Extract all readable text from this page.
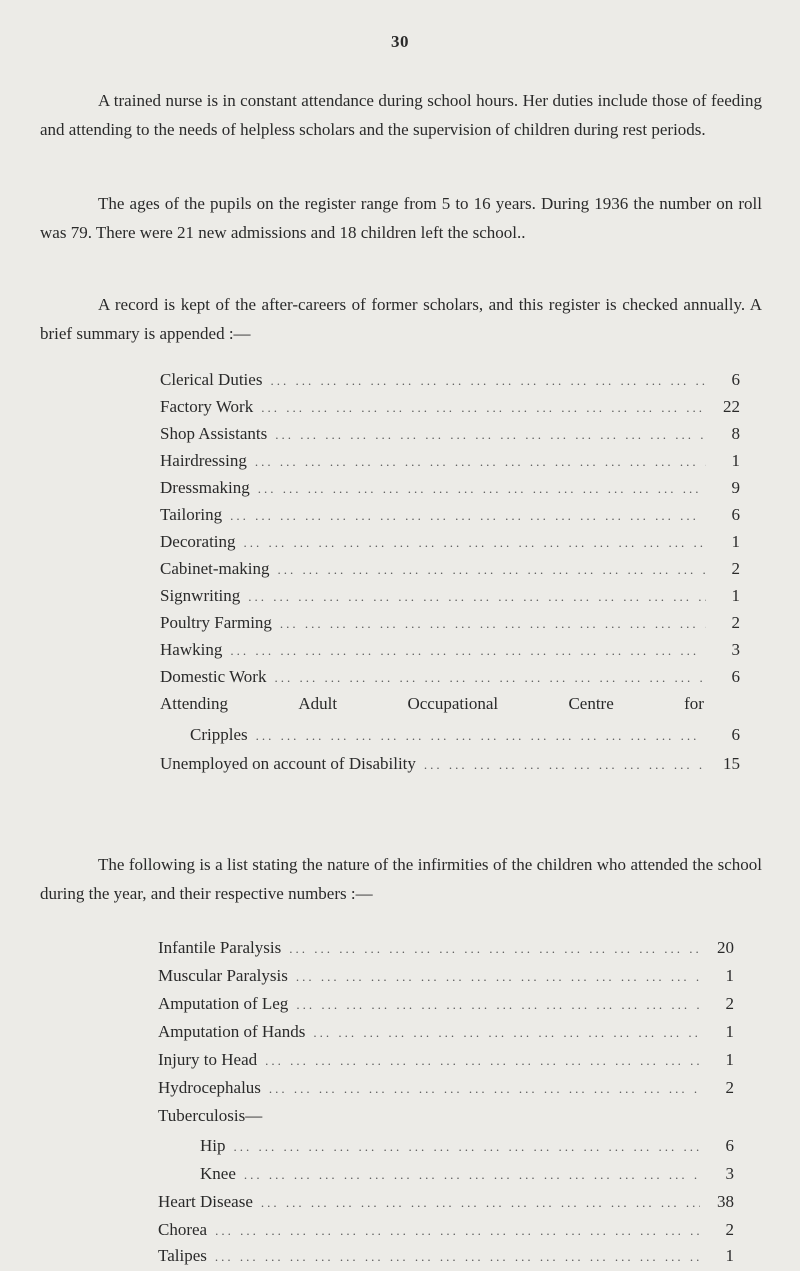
30

A trained nurse is in constant attendance during school hours. Her duties include those of feeding and attending to the needs of helpless scholars and the supervision of children during rest periods.

The ages of the pupils on the register range from 5 to 16 years. During 1936 the number on roll was 79. There were 21 new admissions and 18 children left the school..

A record is kept of the after-careers of former scholars, and this register is checked annually. A brief summary is appended :—

Clerical Duties ... .	6
Factory Work ... .	22
Shop Assistants ... .	8
Hairdressing ... .	1
Dressmaking ... .	9
Tailoring ... .	6
Decorating ... .	1
Cabinet-making ... .	2
Signwriting ... .	1
Poultry Farming ... .	2
Hawking ... .	3
Domestic Work ... .	6
Attending	Adult	Occupational	Centre	for
Cripples ... .	6
Unemployed on account of Disability ... .	15

The following is a list stating the nature of the infirmities of the children who attended the school during the year, and their respective numbers :—

Infantile Paralysis ... .	20
Muscular Paralysis ... .	1
Amputation of Leg ... .	2
Amputation of Hands ... .	1
Injury to Head ... .	1
Hydrocephalus ... .	2
Tuberculosis—
Hip ... .	6
Knee ... .	3
Heart Disease ... .	38
Chorea ... .	2
Talipes ... .	1
